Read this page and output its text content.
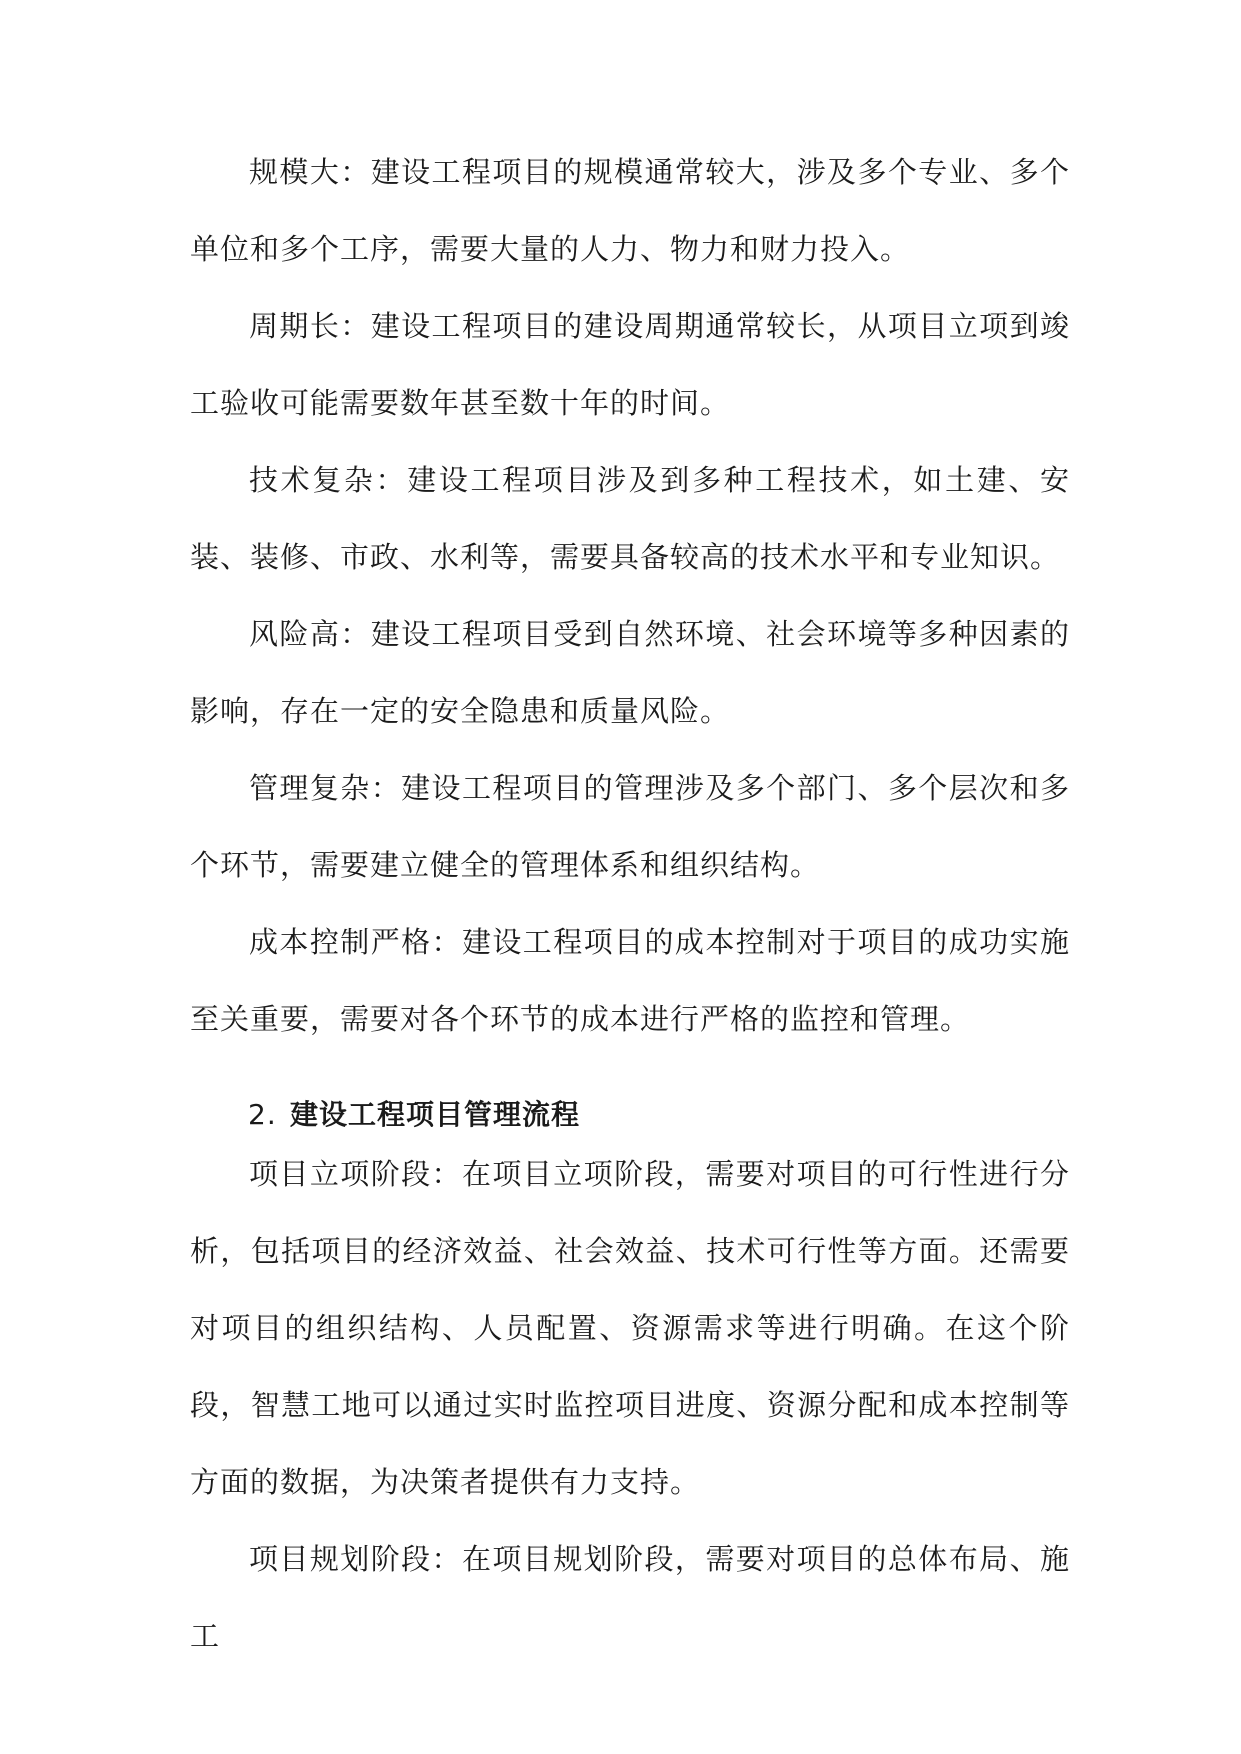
规模大：建设工程项目的规模通常较大，涉及多个专业、多个单位和多个工序，需要大量的人力、物力和财力投入。

周期长：建设工程项目的建设周期通常较长，从项目立项到竣工验收可能需要数年甚至数十年的时间。

技术复杂：建设工程项目涉及到多种工程技术，如土建、安装、装修、市政、水利等，需要具备较高的技术水平和专业知识。

风险高：建设工程项目受到自然环境、社会环境等多种因素的影响，存在一定的安全隐患和质量风险。

管理复杂：建设工程项目的管理涉及多个部门、多个层次和多个环节，需要建立健全的管理体系和组织结构。

成本控制严格：建设工程项目的成本控制对于项目的成功实施至关重要，需要对各个环节的成本进行严格的监控和管理。

2. 建设工程项目管理流程

项目立项阶段：在项目立项阶段，需要对项目的可行性进行分析，包括项目的经济效益、社会效益、技术可行性等方面。还需要对项目的组织结构、人员配置、资源需求等进行明确。在这个阶段，智慧工地可以通过实时监控项目进度、资源分配和成本控制等方面的数据，为决策者提供有力支持。

项目规划阶段：在项目规划阶段，需要对项目的总体布局、施工
